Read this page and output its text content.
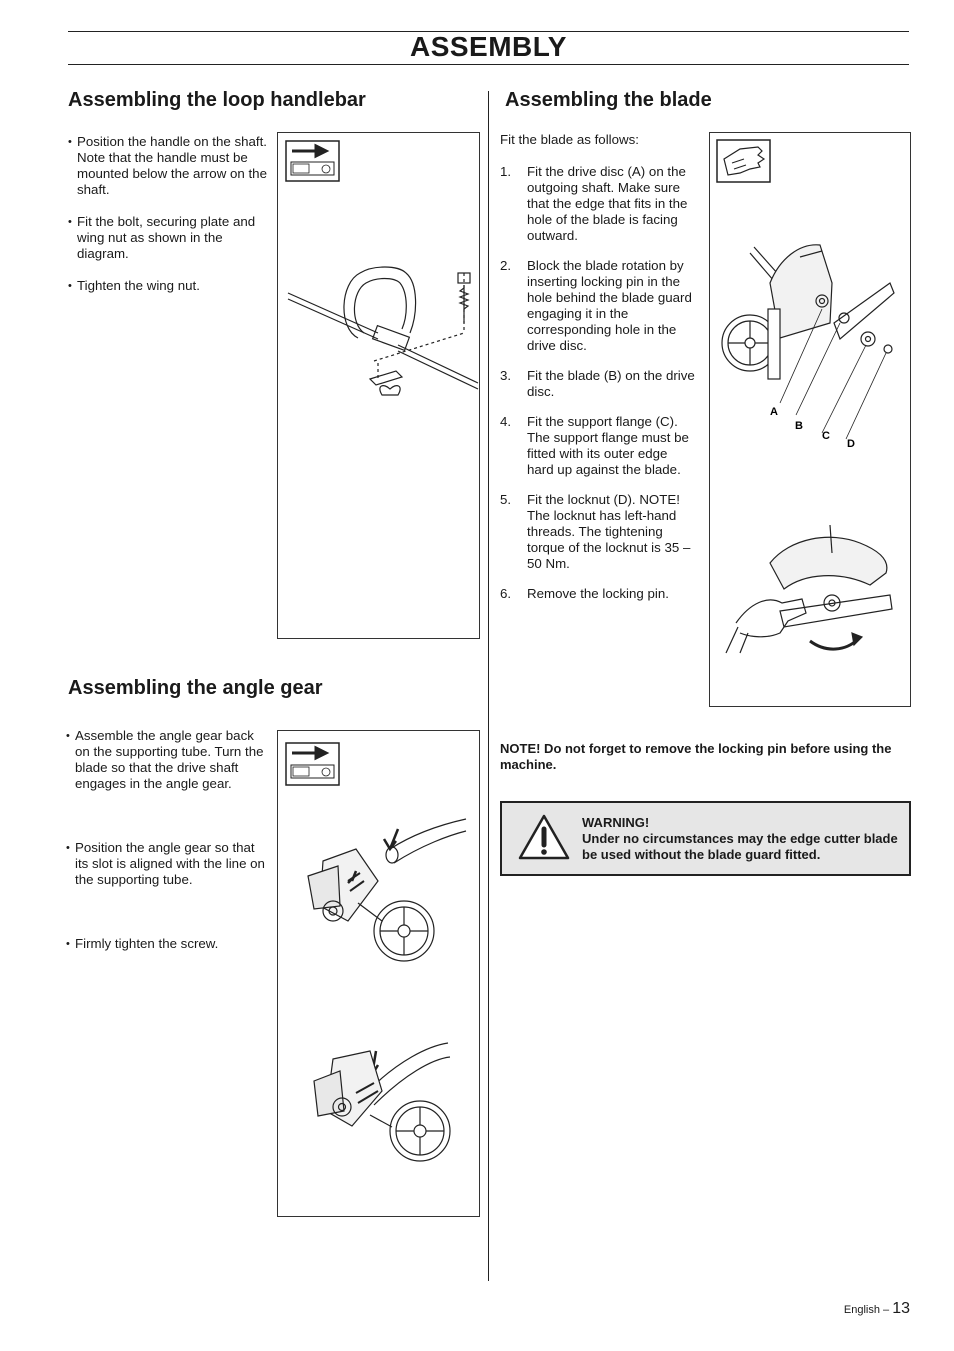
ASSEMBLY
Assembling the loop handlebar

• Position the handle on the shaft. Note that the handle must be mounted below the arrow on the shaft.

• Fit the bolt, securing plate and wing nut as shown in the diagram.

• Tighten the wing nut.

Assembling the angle gear

• Assemble the angle gear back on the supporting tube. Turn the blade so that the drive shaft engages in the angle gear.

• Position the angle gear so that its slot is aligned with the line on the supporting tube.

• Firmly tighten the screw.

Assembling the blade
Fit the blade as follows:
1. Fit the drive disc (A) on the outgoing shaft. Make sure that the edge that fits in the hole of the blade is facing outward.
2. Block the blade rotation by inserting locking pin in the hole behind the blade guard engaging it in the corresponding hole in the drive disc.
3. Fit the blade (B) on the drive disc.
4. Fit the support flange (C). The support flange must be fitted with its outer edge hard up against the blade.
5. Fit the locknut (D). NOTE! The locknut has left-hand threads. The tightening torque of the locknut is 35 – 50 Nm.
6. Remove the locking pin.
A
B
C
D
NOTE! Do not forget to remove the locking pin before using the machine.
WARNING!
Under no circumstances may the edge cutter blade be used without the blade guard fitted.
English – 13
